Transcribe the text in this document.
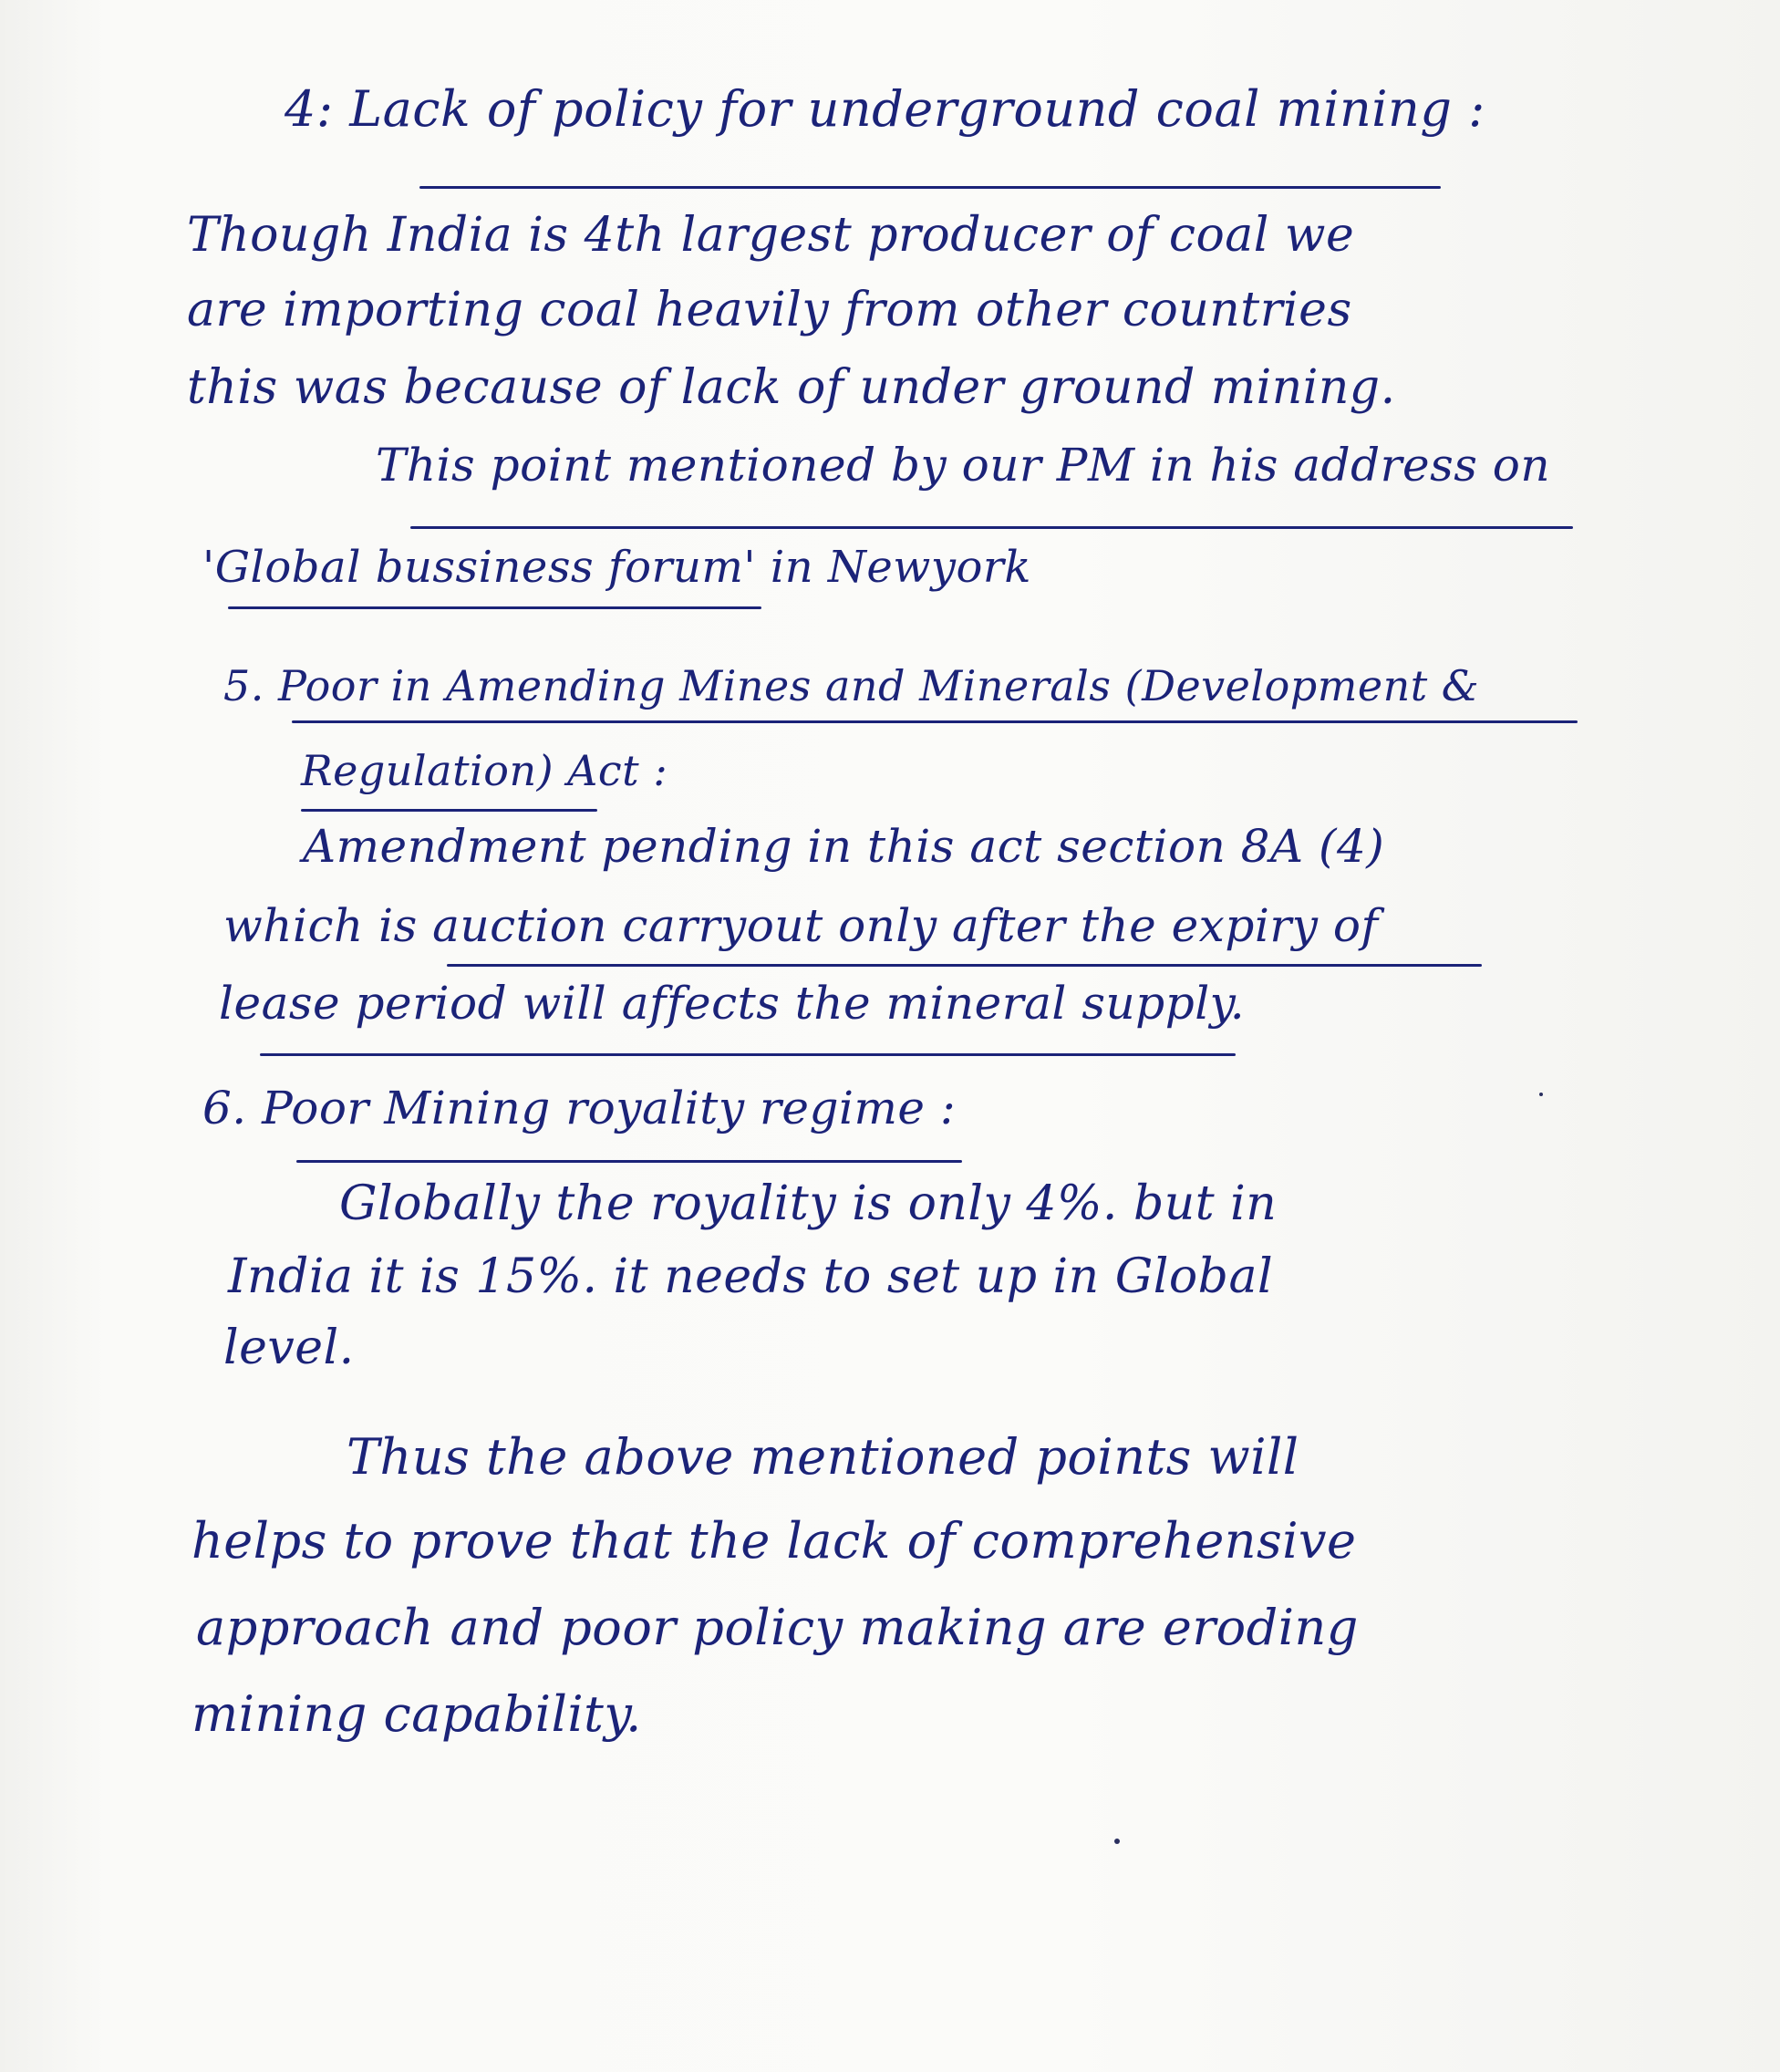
4: Lack of policy for underground coal mining :
Though India is 4th largest producer of coal we
are importing coal heavily from other countries
this was because of lack of under ground mining.
This point mentioned by our PM in his address on
'Global bussiness forum' in Newyork
5. Poor in Amending Mines and Minerals (Development &
Regulation) Act :
Amendment pending in this act section 8A (4)
which is auction carryout only after the expiry of
lease period will affects the mineral supply.
6. Poor Mining royality regime :
Globally the royality is only 4%. but in
India it is 15%. it needs to set up in Global
level.
Thus the above mentioned points will
helps to prove that the lack of comprehensive
approach and poor policy making are eroding
mining capability.
